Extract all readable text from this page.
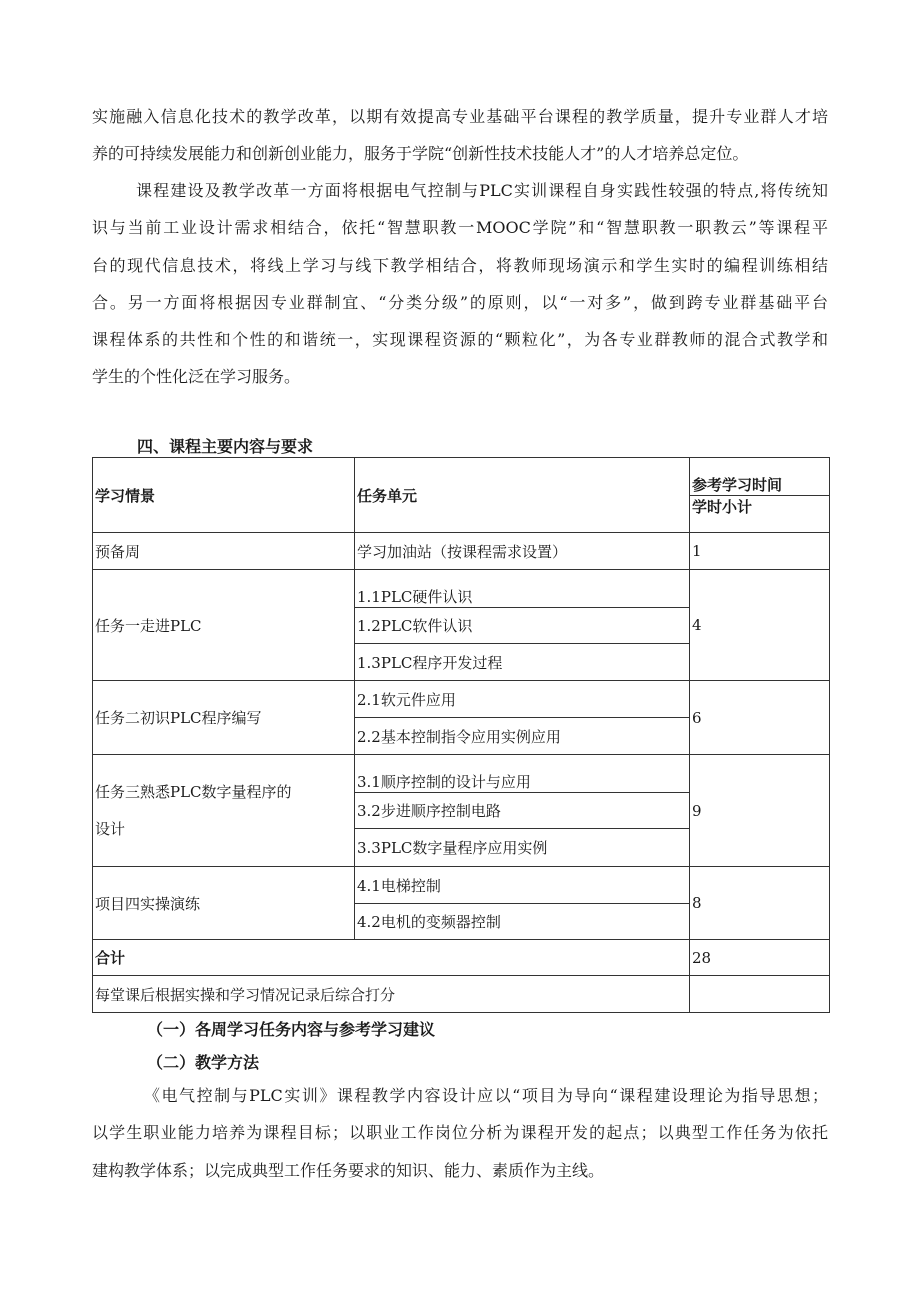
实施融入信息化技术的教学改革，以期有效提高专业基础平台课程的教学质量，提升专业群人才培
养的可持续发展能力和创新创业能力，服务于学院“创新性技术技能人才”的人才培养总定位。
课程建设及教学改革一方面将根据电气控制与PLC实训课程自身实践性较强的特点,将传统知
识与当前工业设计需求相结合，依托“智慧职教一MOOC学院”和“智慧职教一职教云”等课程平
台的现代信息技术，将线上学习与线下教学相结合，将教师现场演示和学生实时的编程训练相结
合。另一方面将根据因专业群制宜、“分类分级”的原则，以“一对多”，做到跨专业群基础平台
课程体系的共性和个性的和谐统一，实现课程资源的“颗粒化”，为各专业群教师的混合式教学和
学生的个性化泛在学习服务。
四、课程主要内容与要求
学习情景	任务单元	参考学习时间
		学时小计
预备周	学习加油站（按课程需求设置）	1
任务一走进PLC	1.1PLC硬件认识	4
	1.2PLC软件认识	
	1.3PLC程序开发过程	
任务二初识PLC程序编写	2.1软元件应用	6
	2.2基本控制指令应用实例应用	
任务三熟悉PLC数字量程序的设计	3.1顺序控制的设计与应用	9
	3.2步进顺序控制电路	
	3.3PLC数字量程序应用实例	
项目四实操演练	4.1电梯控制	8
	4.2电机的变频器控制	
合计		28
每堂课后根据实操和学习情况记录后综合打分		
（一）各周学习任务内容与参考学习建议
（二）教学方法
《电气控制与PLC实训》课程教学内容设计应以“项目为导向“课程建设理论为指导思想；
以学生职业能力培养为课程目标；以职业工作岗位分析为课程开发的起点；以典型工作任务为依托
建构教学体系；以完成典型工作任务要求的知识、能力、素质作为主线。
